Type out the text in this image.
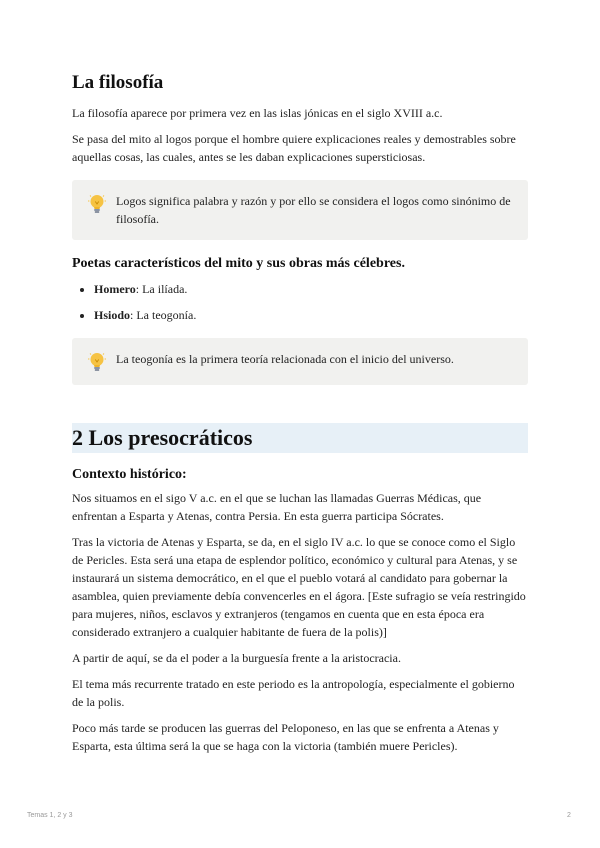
La filosofía

La filosofía aparece por primera vez en las islas jónicas en el siglo XVIII a.c.

Se pasa del mito al logos porque el hombre quiere explicaciones reales y demostrables sobre aquellas cosas, las cuales, antes se les daban explicaciones supersticiosas.

Logos significa palabra y razón y por ello se considera el logos como sinónimo de filosofía.
Poetas característicos del mito y sus obras más célebres.
• Homero: La ilíada.
• Hsiodo: La teogonía.
La teogonía es la primera teoría relacionada con el inicio del universo.
2 Los presocráticos
Contexto histórico:

Nos situamos en el sigo V a.c. en el que se luchan las llamadas Guerras Médicas, que enfrentan a Esparta y Atenas, contra Persia. En esta guerra participa Sócrates.

Tras la victoria de Atenas y Esparta, se da, en el siglo IV a.c. lo que se conoce como el Siglo de Pericles. Esta será una etapa de esplendor político, económico y cultural para Atenas, y se instaurará un sistema democrático, en el que el pueblo votará al candidato para gobernar la asamblea, quien previamente debía convencerles en el ágora. [Este sufragio se veía restringido para mujeres, niños, esclavos y extranjeros (tengamos en cuenta que en esta época era considerado extranjero a cualquier habitante de fuera de la polis)]

A partir de aquí, se da el poder a la burguesía frente a la aristocracia.

El tema más recurrente tratado en este periodo es la antropología, especialmente el gobierno de la polis.

Poco más tarde se producen las guerras del Peloponeso, en las que se enfrenta a Atenas y Esparta, esta última será la que se haga con la victoria (también muere Pericles).

Temas 1, 2 y 3	2
